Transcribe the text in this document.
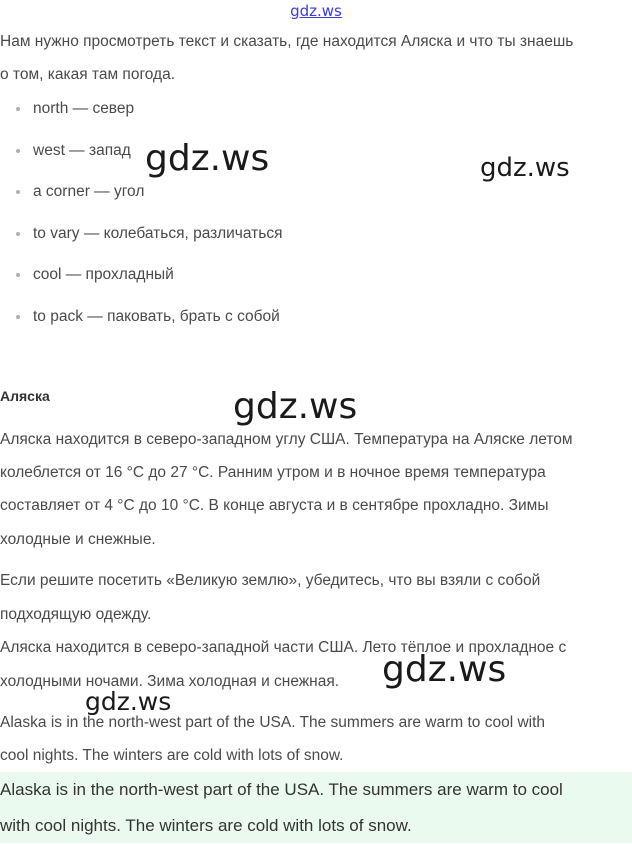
gdz.ws
Нам нужно просмотреть текст и сказать, где находится Аляска и что ты знаешь
о том, какая там погода.
north — север
west — запад
a corner — угол
to vary — колебаться, различаться
cool — прохладный
to pack — паковать, брать с собой
Аляска
Аляска находится в северо-западном углу США. Температура на Аляске летом
колеблется от 16 °С до 27 °С. Ранним утром и в ночное время температура
составляет от 4 °С до 10 °С. В конце августа и в сентябре прохладно. Зимы
холодные и снежные.
Если решите посетить «Великую землю», убедитесь, что вы взяли с собой
подходящую одежду.
Аляска находится в северо-западной части США. Лето тёплое и прохладное с
холодными ночами. Зима холодная и снежная.
Alaska is in the north-west part of the USA. The summers are warm to cool with
cool nights. The winters are cold with lots of snow.
Alaska is in the north-west part of the USA. The summers are warm to cool
with cool nights. The winters are cold with lots of snow.
gdz.ws	gdz.ws
gdz.ws
gdz.ws
gdz.ws
